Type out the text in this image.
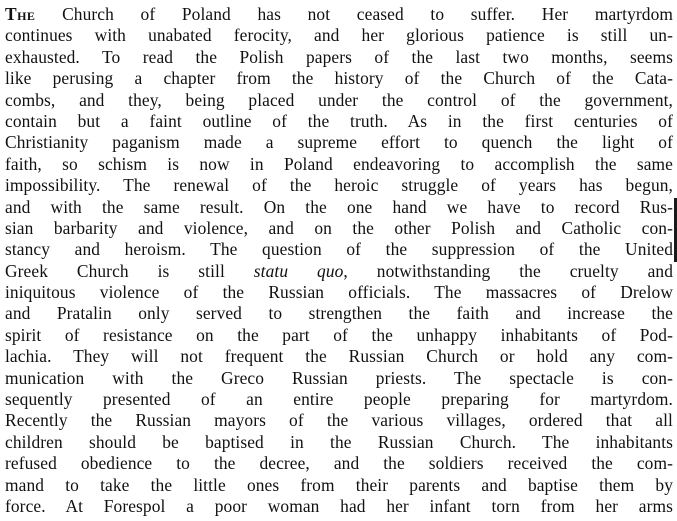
The Church of Poland has not ceased to suffer. Her martyrdom
continues with unabated ferocity, and her glorious patience is still un-
exhausted. To read the Polish papers of the last two months, seems
like perusing a chapter from the history of the Church of the Cata-
combs, and they, being placed under the control of the government,
contain but a faint outline of the truth. As in the first centuries of
Christianity paganism made a supreme effort to quench the light of
faith, so schism is now in Poland endeavoring to accomplish the same
impossibility. The renewal of the heroic struggle of years has begun,
and with the same result. On the one hand we have to record Rus-
sian barbarity and violence, and on the other Polish and Catholic con-
stancy and heroism. The question of the suppression of the United
Greek Church is still statu quo, notwithstanding the cruelty and
iniquitous violence of the Russian officials. The massacres of Drelow
and Pratalin only served to strengthen the faith and increase the
spirit of resistance on the part of the unhappy inhabitants of Pod-
lachia. They will not frequent the Russian Church or hold any com-
munication with the Greco Russian priests. The spectacle is con-
sequently presented of an entire people preparing for martyrdom.
Recently the Russian mayors of the various villages, ordered that all
children should be baptised in the Russian Church. The inhabitants
refused obedience to the decree, and the soldiers received the com-
mand to take the little ones from their parents and baptise them by
force. At Forespol a poor woman had her infant torn from her arms
